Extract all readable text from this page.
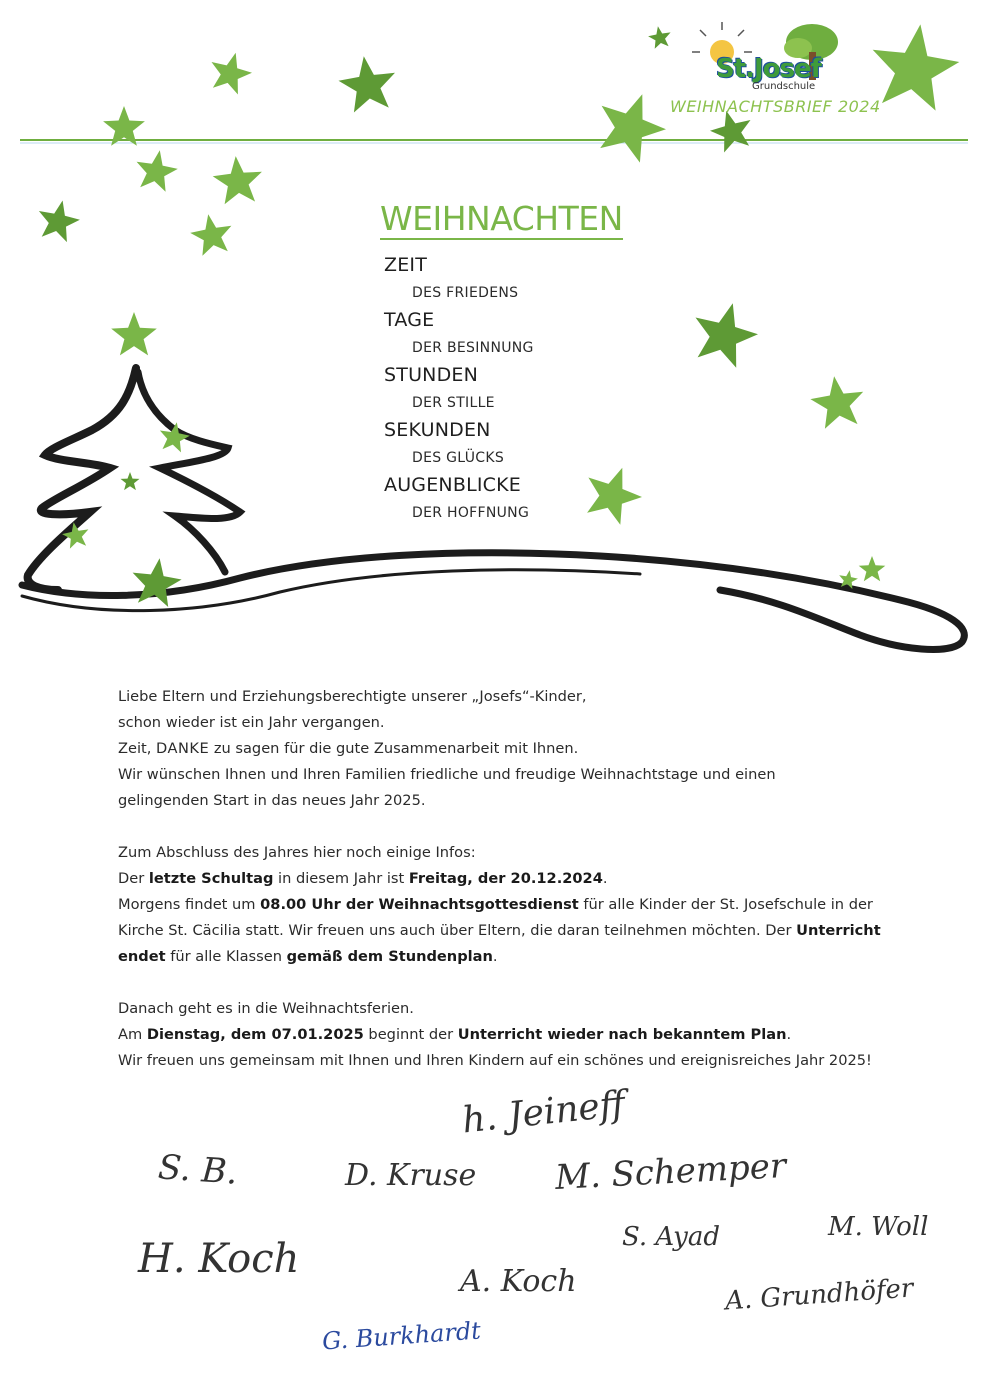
St.Josef
Grundschule
WEIHNACHTSBRIEF 2024
WEIHNACHTEN
ZEIT
DES FRIEDENS
TAGE
DER BESINNUNG
STUNDEN
DER STILLE
SEKUNDEN
DES GLÜCKS
AUGENBLICKE
DER HOFFNUNG

Liebe Eltern und Erziehungsberechtigte unserer „Josefs“-Kinder,

schon wieder ist ein Jahr vergangen.

Zeit, DANKE zu sagen für die gute Zusammenarbeit mit Ihnen.

Wir wünschen Ihnen und Ihren Familien friedliche und freudige Weihnachtstage und einen

gelingenden Start in das neues Jahr 2025.

Zum Abschluss des Jahres hier noch einige Infos:

Der letzte Schultag in diesem Jahr ist Freitag, der 20.12.2024.

Morgens findet um 08.00 Uhr der Weihnachtsgottesdienst für alle Kinder der St. Josefschule in der

Kirche St. Cäcilia statt. Wir freuen uns auch über Eltern, die daran teilnehmen möchten. Der Unterricht

endet für alle Klassen gemäß dem Stundenplan.

Danach geht es in die Weihnachtsferien.

Am Dienstag, dem 07.01.2025 beginnt der Unterricht wieder nach bekanntem Plan.

Wir freuen uns gemeinsam mit Ihnen und Ihren Kindern auf ein schönes und ereignisreiches Jahr 2025!

h. Jeineff
S. B.	D. Kruse M. Schemper
S. Ayad	M. Woll
H. Koch	A. Koch	A. Grundhöfer
G. Burkhardt
